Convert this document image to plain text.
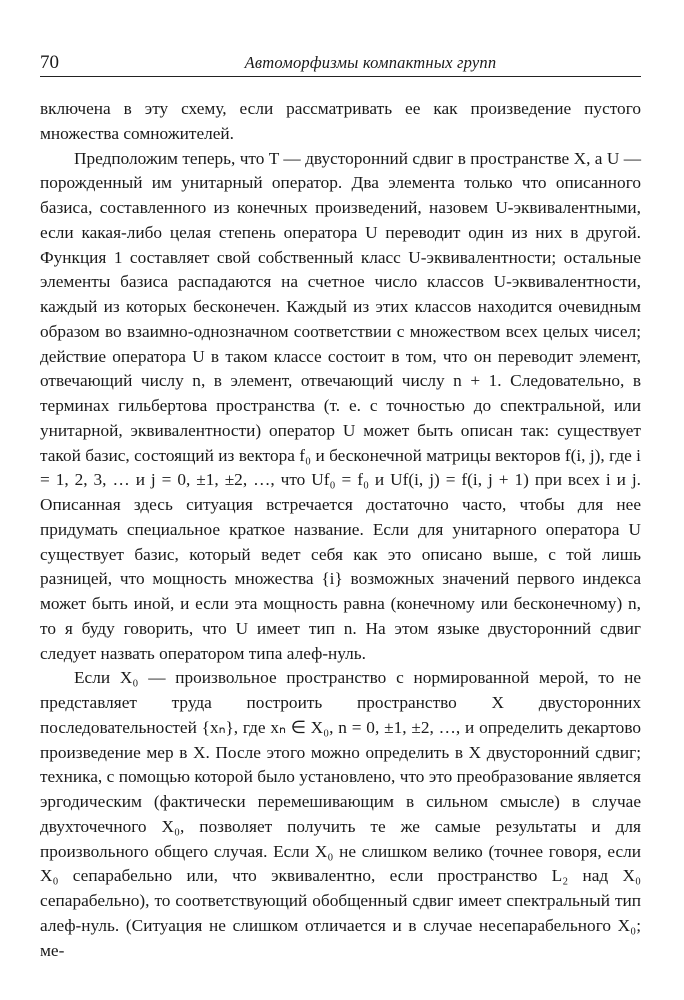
70	Автоморфизмы компактных групп

включена в эту схему, если рассматривать ее как произведение пустого множества сомножителей.

Предположим теперь, что T — двусторонний сдвиг в пространстве X, а U — порожденный им унитарный оператор. Два элемента только что описанного базиса, составленного из конечных произведений, назовем U-эквивалентными, если какая-либо целая степень оператора U переводит один из них в другой. Функция 1 составляет свой собственный класс U-эквивалентности; остальные элементы базиса распадаются на счетное число классов U-эквивалентности, каждый из которых бесконечен. Каждый из этих классов находится очевидным образом во взаимно-однозначном соответствии с множеством всех целых чисел; действие оператора U в таком классе состоит в том, что он переводит элемент, отвечающий числу n, в элемент, отвечающий числу n + 1. Следовательно, в терминах гильбертова пространства (т. е. с точностью до спектральной, или унитарной, эквивалентности) оператор U может быть описан так: существует такой базис, состоящий из вектора f₀ и бесконечной матрицы векторов f(i, j), где i = 1, 2, 3, … и j = 0, ±1, ±2, …, что Uf₀ = f₀ и Uf(i, j) = f(i, j + 1) при всех i и j. Описанная здесь ситуация встречается достаточно часто, чтобы для нее придумать специальное краткое название. Если для унитарного оператора U существует базис, который ведет себя как это описано выше, с той лишь разницей, что мощность множества {i} возможных значений первого индекса может быть иной, и если эта мощность равна (конечному или бесконечному) n, то я буду говорить, что U имеет тип n. На этом языке двусторонний сдвиг следует назвать оператором типа алеф-нуль.

Если X₀ — произвольное пространство с нормированной мерой, то не представляет труда построить пространство X двусторонних последовательностей {xₙ}, где xₙ ∈ X₀, n = 0, ±1, ±2, …, и определить декартово произведение мер в X. После этого можно определить в X двусторонний сдвиг; техника, с помощью которой было установлено, что это преобразование является эргодическим (фактически перемешивающим в сильном смысле) в случае двухточечного X₀, позволяет получить те же самые результаты и для произвольного общего случая. Если X₀ не слишком велико (точнее говоря, если X₀ сепарабельно или, что эквивалентно, если пространство L₂ над X₀ сепарабельно), то соответствующий обобщенный сдвиг имеет спектральный тип алеф-нуль. (Ситуация не слишком отличается и в случае несепарабельного X₀; ме-
